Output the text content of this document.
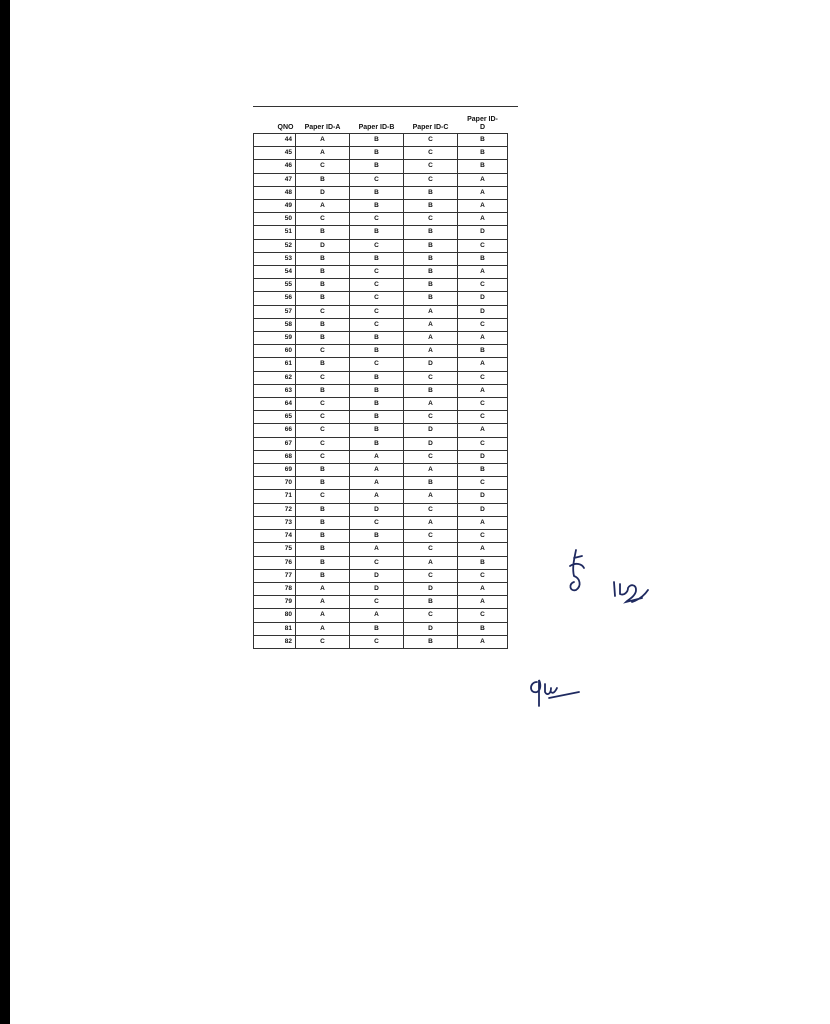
QNO	Paper ID-A	Paper ID-B	Paper ID-C	Paper ID-
D
44	A	B	C	B
45	A	B	C	B
46	C	B	C	B
47	B	C	C	A
48	D	B	B	A
49	A	B	B	A
50	C	C	C	A
51	B	B	B	D
52	D	C	B	C
53	B	B	B	B
54	B	C	B	A
55	B	C	B	C
56	B	C	B	D
57	C	C	A	D
58	B	C	A	C
59	B	B	A	A
60	C	B	A	B
61	B	C	D	A
62	C	B	C	C
63	B	B	B	A
64	C	B	A	C
65	C	B	C	C
66	C	B	D	A
67	C	B	D	C
68	C	A	C	D
69	B	A	A	B
70	B	A	B	C
71	C	A	A	D
72	B	D	C	D
73	B	C	A	A
74	B	B	C	C
75	B	A	C	A
76	B	C	A	B
77	B	D	C	C
78	A	D	D	A
79	A	C	B	A
80	A	A	C	C
81	A	B	D	B
82	C	C	B	A
